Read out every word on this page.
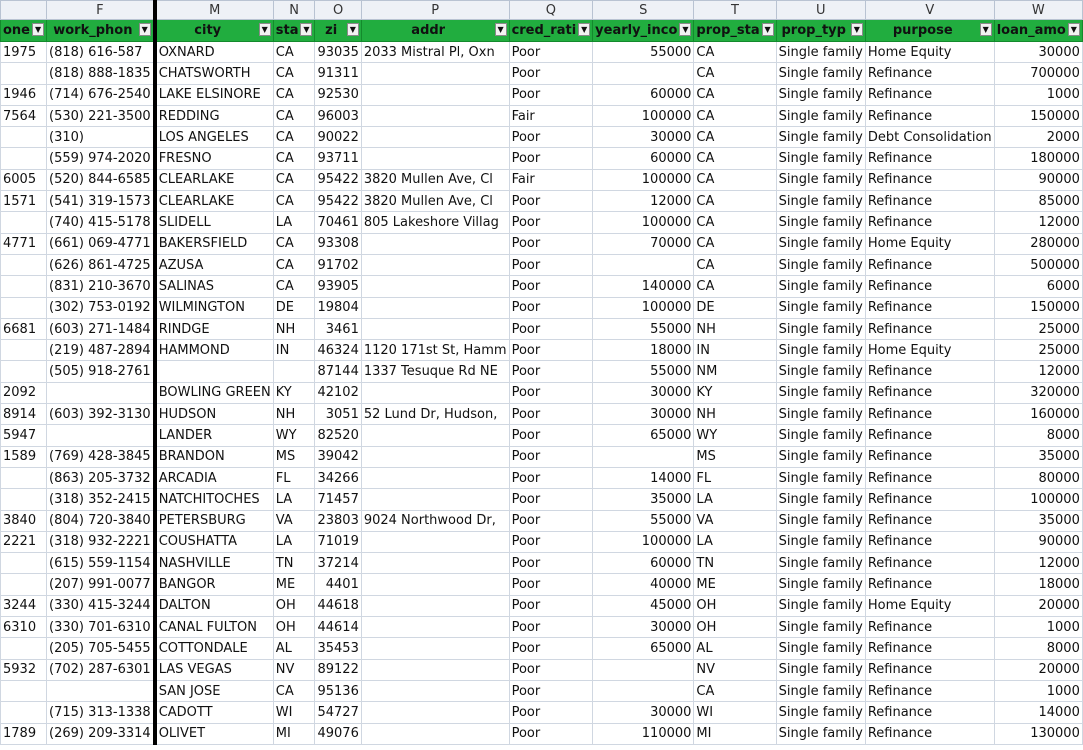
	F	M	N	O	P	Q	S	T	U	V	W
one ▼	work_phon ▼	city ▼	sta ▼	zi ▼	addr ▼	cred_rati ▼	yearly_inco ▼	prop_sta ▼	prop_typ ▼	purpose ▼	loan_amo ▼

1975	(818) 616-587	OXNARD	CA	93035	2033 Mistral Pl, Oxn	Poor	55000	CA	Single family	Home Equity	30000
	(818) 888-1835	CHATSWORTH	CA	91311		Poor		CA	Single family	Refinance	700000
1946	(714) 676-2540	LAKE ELSINORE	CA	92530		Poor	60000	CA	Single family	Refinance	1000
7564	(530) 221-3500	REDDING	CA	96003		Fair	100000	CA	Single family	Refinance	150000
	(310)	LOS ANGELES	CA	90022		Poor	30000	CA	Single family	Debt Consolidation	2000
	(559) 974-2020	FRESNO	CA	93711		Poor	60000	CA	Single family	Refinance	180000
6005	(520) 844-6585	CLEARLAKE	CA	95422	3820 Mullen Ave, Cl	Fair	100000	CA	Single family	Refinance	90000
1571	(541) 319-1573	CLEARLAKE	CA	95422	3820 Mullen Ave, Cl	Poor	12000	CA	Single family	Refinance	85000
	(740) 415-5178	SLIDELL	LA	70461	805 Lakeshore Villag	Poor	100000	CA	Single family	Refinance	12000
4771	(661) 069-4771	BAKERSFIELD	CA	93308		Poor	70000	CA	Single family	Home Equity	280000
	(626) 861-4725	AZUSA	CA	91702		Poor		CA	Single family	Refinance	500000
	(831) 210-3670	SALINAS	CA	93905		Poor	140000	CA	Single family	Refinance	6000
	(302) 753-0192	WILMINGTON	DE	19804		Poor	100000	DE	Single family	Refinance	150000
6681	(603) 271-1484	RINDGE	NH	3461		Poor	55000	NH	Single family	Refinance	25000
	(219) 487-2894	HAMMOND	IN	46324	1120 171st St, Hamm	Poor	18000	IN	Single family	Home Equity	25000
	(505) 918-2761			87144	1337 Tesuque Rd NE	Poor	55000	NM	Single family	Refinance	12000
2092		BOWLING GREEN	KY	42102		Poor	30000	KY	Single family	Refinance	320000
8914	(603) 392-3130	HUDSON	NH	3051	52 Lund Dr, Hudson,	Poor	30000	NH	Single family	Refinance	160000
5947		LANDER	WY	82520		Poor	65000	WY	Single family	Refinance	8000
1589	(769) 428-3845	BRANDON	MS	39042		Poor		MS	Single family	Refinance	35000
	(863) 205-3732	ARCADIA	FL	34266		Poor	14000	FL	Single family	Refinance	80000
	(318) 352-2415	NATCHITOCHES	LA	71457		Poor	35000	LA	Single family	Refinance	100000
3840	(804) 720-3840	PETERSBURG	VA	23803	9024 Northwood Dr,	Poor	55000	VA	Single family	Refinance	35000
2221	(318) 932-2221	COUSHATTA	LA	71019		Poor	100000	LA	Single family	Refinance	90000
	(615) 559-1154	NASHVILLE	TN	37214		Poor	60000	TN	Single family	Refinance	12000
	(207) 991-0077	BANGOR	ME	4401		Poor	40000	ME	Single family	Refinance	18000
3244	(330) 415-3244	DALTON	OH	44618		Poor	45000	OH	Single family	Home Equity	20000
6310	(330) 701-6310	CANAL FULTON	OH	44614		Poor	30000	OH	Single family	Refinance	1000
	(205) 705-5455	COTTONDALE	AL	35453		Poor	65000	AL	Single family	Refinance	8000
5932	(702) 287-6301	LAS VEGAS	NV	89122		Poor		NV	Single family	Refinance	20000
		SAN JOSE	CA	95136		Poor		CA	Single family	Refinance	1000
	(715) 313-1338	CADOTT	WI	54727		Poor	30000	WI	Single family	Refinance	14000
1789	(269) 209-3314	OLIVET	MI	49076		Poor	110000	MI	Single family	Refinance	130000
